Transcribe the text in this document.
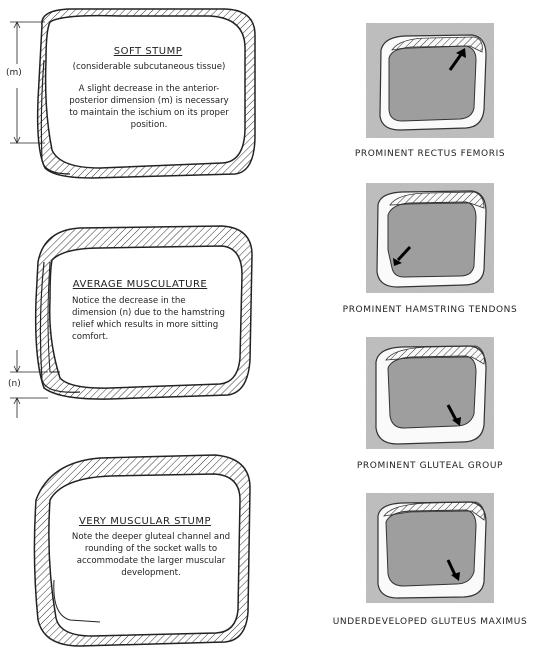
(m)
SOFT STUMP
(considerable subcutaneous tissue)
A slight decrease in the anterior-posterior dimension (m) is necessary to maintain the ischium on its proper position.
AVERAGE MUSCULATURE
Notice the decrease in the dimension (n) due to the hamstring relief which results in more sitting comfort.
(n)
VERY MUSCULAR STUMP
Note the deeper gluteal channel and rounding of the socket walls to accommodate the larger muscular development.
PROMINENT RECTUS FEMORIS
PROMINENT HAMSTRING TENDONS
PROMINENT GLUTEAL GROUP
UNDERDEVELOPED GLUTEUS MAXIMUS
